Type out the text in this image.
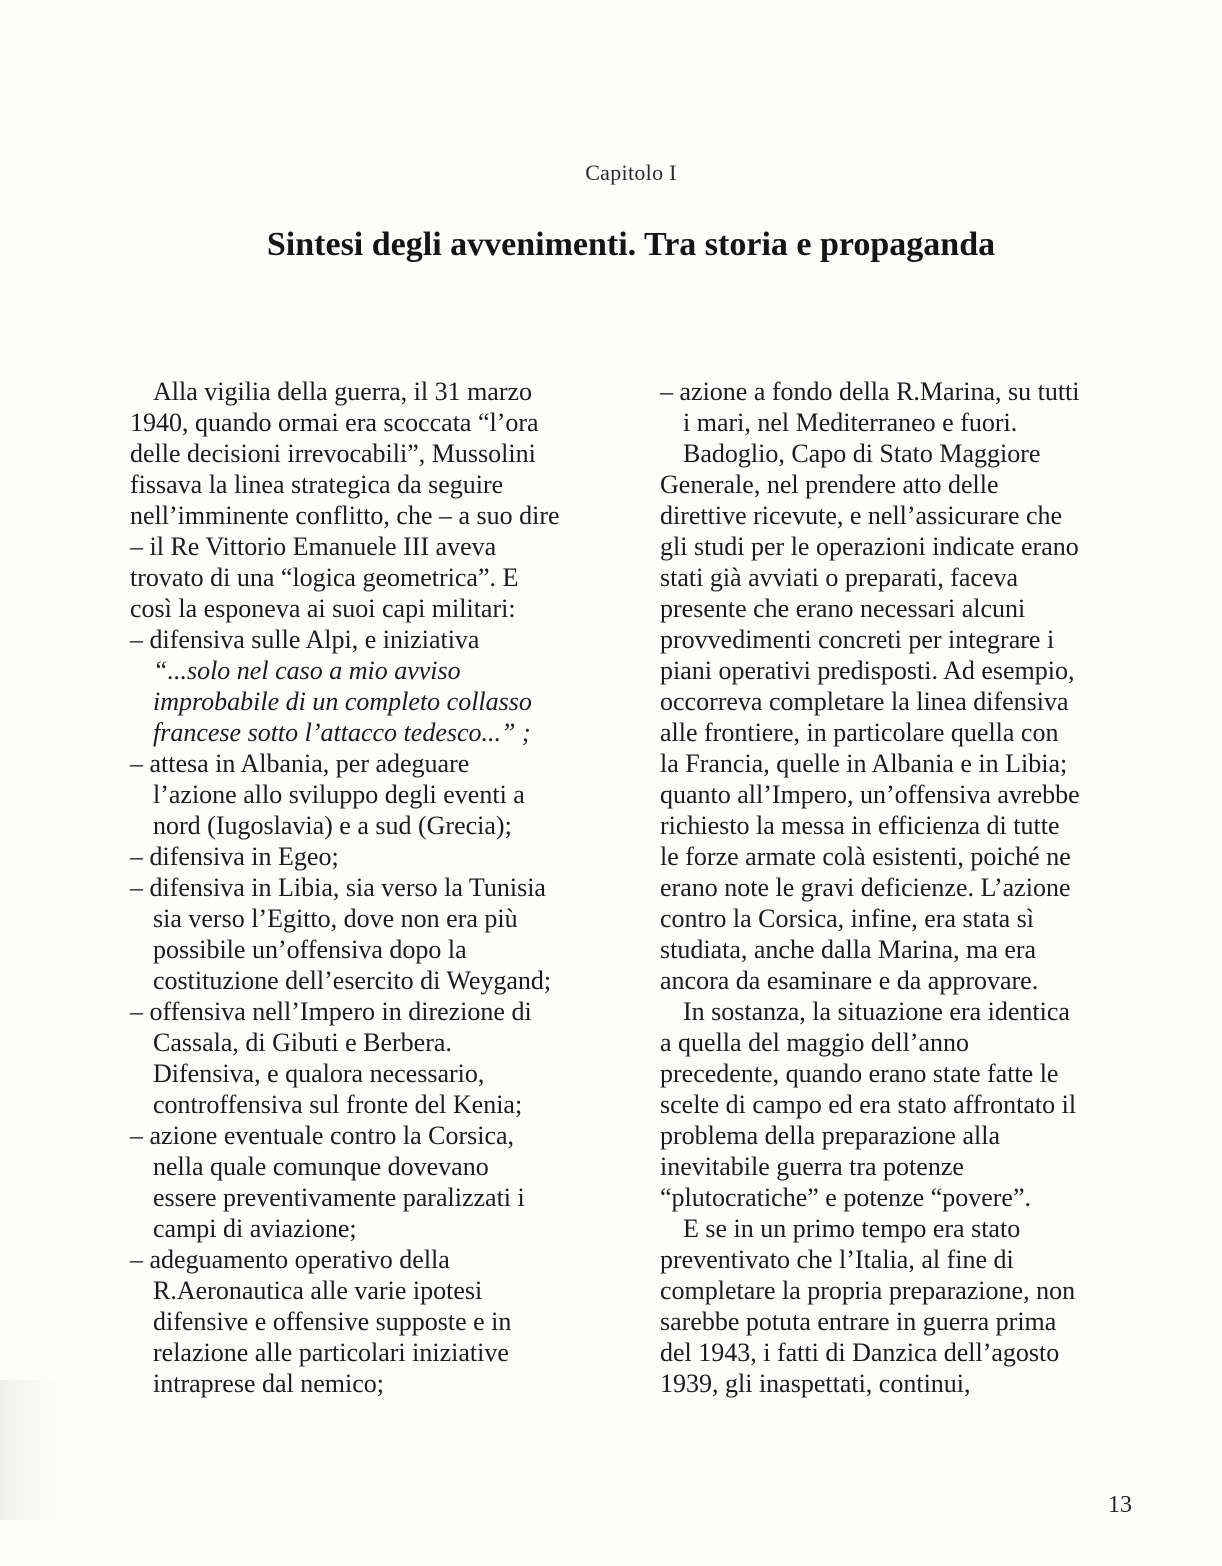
Capitolo I
Sintesi degli avvenimenti. Tra storia e propaganda
Alla vigilia della guerra, il 31 marzo
1940, quando ormai era scoccata “l’ora
delle decisioni irrevocabili”, Mussolini
fissava la linea strategica da seguire
nell’imminente conflitto, che – a suo dire
– il Re Vittorio Emanuele III aveva
trovato di una “logica geometrica”. E
così la esponeva ai suoi capi militari:
– difensiva sulle Alpi, e iniziativa
“...solo nel caso a mio avviso
improbabile di un completo collasso
francese sotto l’attacco tedesco...” ;
– attesa in Albania, per adeguare
l’azione allo sviluppo degli eventi a
nord (Iugoslavia) e a sud (Grecia);
– difensiva in Egeo;
– difensiva in Libia, sia verso la Tunisia
sia verso l’Egitto, dove non era più
possibile un’offensiva dopo la
costituzione dell’esercito di Weygand;
– offensiva nell’Impero in direzione di
Cassala, di Gibuti e Berbera.
Difensiva, e qualora necessario,
controffensiva sul fronte del Kenia;
– azione eventuale contro la Corsica,
nella quale comunque dovevano
essere preventivamente paralizzati i
campi di aviazione;
– adeguamento operativo della
R.Aeronautica alle varie ipotesi
difensive e offensive supposte e in
relazione alle particolari iniziative
intraprese dal nemico;
– azione a fondo della R.Marina, su tutti
i mari, nel Mediterraneo e fuori.
Badoglio, Capo di Stato Maggiore
Generale, nel prendere atto delle
direttive ricevute, e nell’assicurare che
gli studi per le operazioni indicate erano
stati già avviati o preparati, faceva
presente che erano necessari alcuni
provvedimenti concreti per integrare i
piani operativi predisposti. Ad esempio,
occorreva completare la linea difensiva
alle frontiere, in particolare quella con
la Francia, quelle in Albania e in Libia;
quanto all’Impero, un’offensiva avrebbe
richiesto la messa in efficienza di tutte
le forze armate colà esistenti, poiché ne
erano note le gravi deficienze. L’azione
contro la Corsica, infine, era stata sì
studiata, anche dalla Marina, ma era
ancora da esaminare e da approvare.
In sostanza, la situazione era identica
a quella del maggio dell’anno
precedente, quando erano state fatte le
scelte di campo ed era stato affrontato il
problema della preparazione alla
inevitabile guerra tra potenze
“plutocratiche” e potenze “povere”.
E se in un primo tempo era stato
preventivato che l’Italia, al fine di
completare la propria preparazione, non
sarebbe potuta entrare in guerra prima
del 1943, i fatti di Danzica dell’agosto
1939, gli inaspettati, continui,
13
